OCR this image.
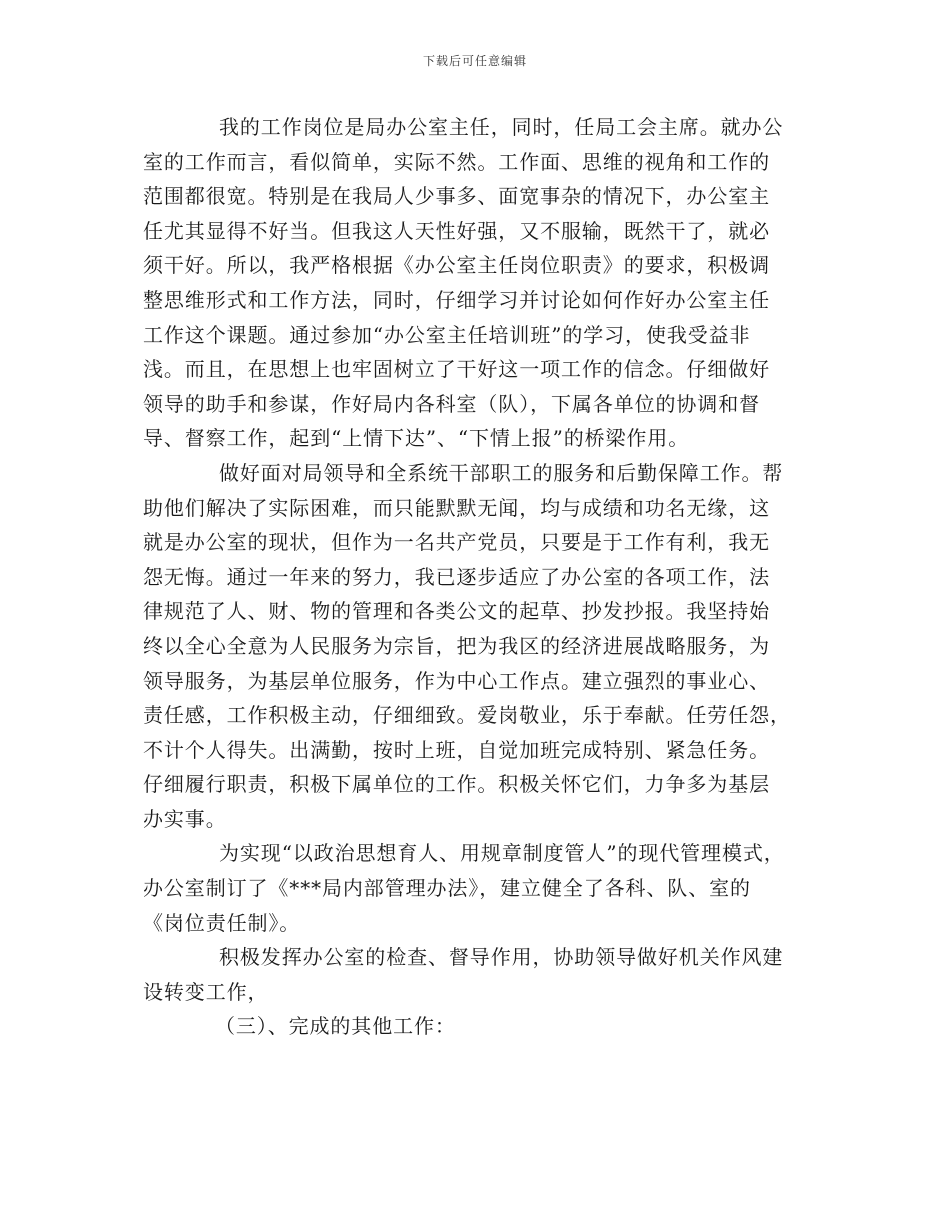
下载后可任意编辑

我的工作岗位是局办公室主任，同时，任局工会主席。就办公
室的工作而言，看似简单，实际不然。工作面、思维的视角和工作的
范围都很宽。特别是在我局人少事多、面宽事杂的情况下，办公室主
任尤其显得不好当。但我这人天性好强，又不服输，既然干了，就必
须干好。所以，我严格根据《办公室主任岗位职责》的要求，积极调
整思维形式和工作方法，同时，仔细学习并讨论如何作好办公室主任
工作这个课题。通过参加“办公室主任培训班”的学习，使我受益非
浅。而且，在思想上也牢固树立了干好这一项工作的信念。仔细做好
领导的助手和参谋，作好局内各科室（队），下属各单位的协调和督
导、督察工作，起到“上情下达”、“下情上报”的桥梁作用。

做好面对局领导和全系统干部职工的服务和后勤保障工作。帮
助他们解决了实际困难，而只能默默无闻，均与成绩和功名无缘，这
就是办公室的现状，但作为一名共产党员，只要是于工作有利，我无
怨无悔。通过一年来的努力，我已逐步适应了办公室的各项工作，法
律规范了人、财、物的管理和各类公文的起草、抄发抄报。我坚持始
终以全心全意为人民服务为宗旨，把为我区的经济进展战略服务，为
领导服务，为基层单位服务，作为中心工作点。建立强烈的事业心、
责任感，工作积极主动，仔细细致。爱岗敬业，乐于奉献。任劳任怨，
不计个人得失。出满勤，按时上班，自觉加班完成特别、紧急任务。
仔细履行职责，积极下属单位的工作。积极关怀它们，力争多为基层
办实事。

为实现“以政治思想育人、用规章制度管人”的现代管理模式，
办公室制订了《***局内部管理办法》，建立健全了各科、队、室的
《岗位责任制》。

积极发挥办公室的检查、督导作用，协助领导做好机关作风建
设转变工作，

（三）、完成的其他工作：
